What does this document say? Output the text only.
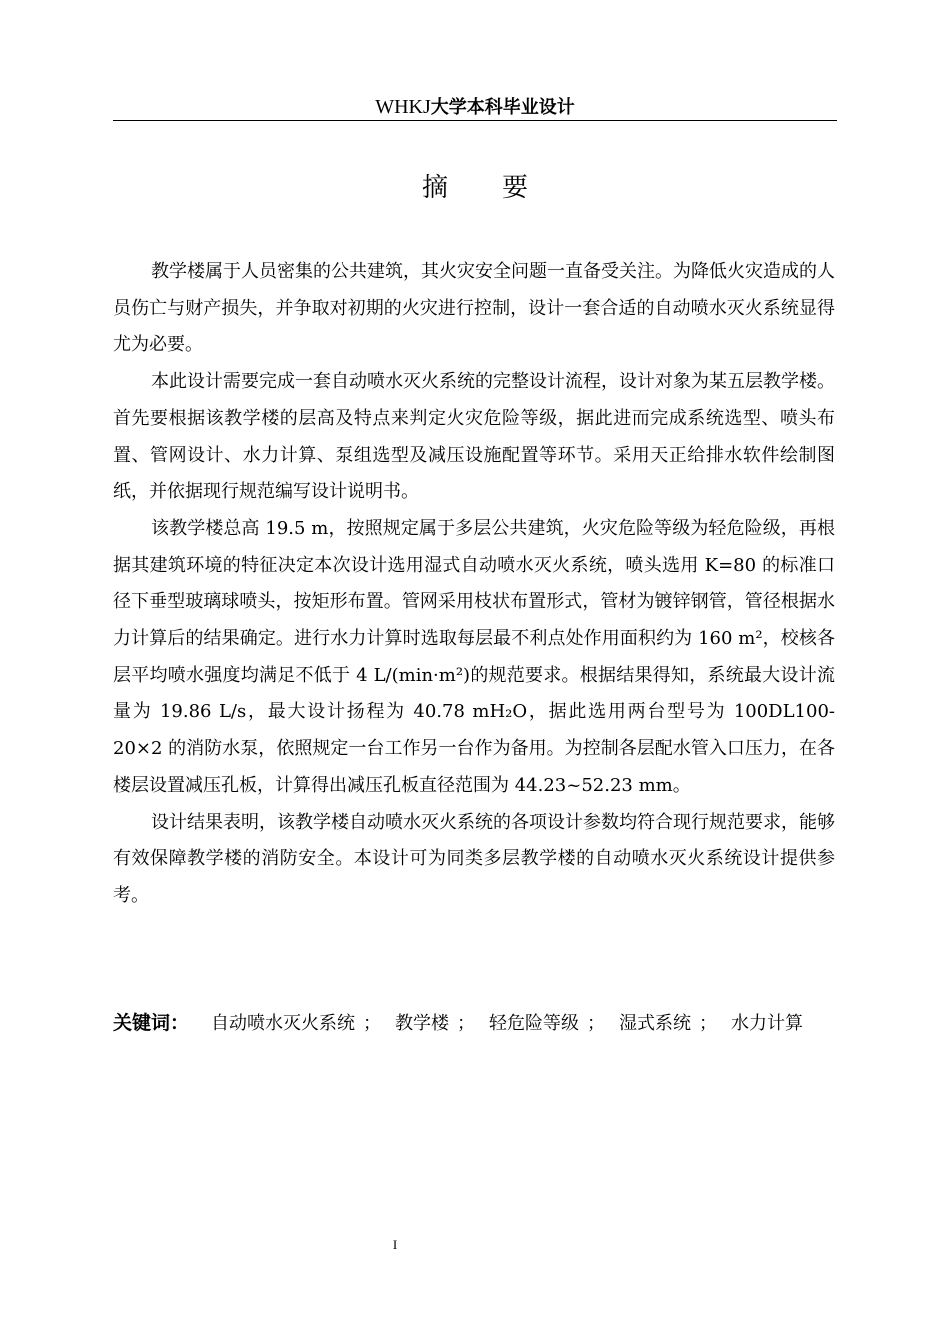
WHKJ大学本科毕业设计
摘要

教学楼属于人员密集的公共建筑，其火灾安全问题一直备受关注。为降低火灾造成的人员伤亡与财产损失，并争取对初期的火灾进行控制，设计一套合适的自动喷水灭火系统显得尤为必要。

本此设计需要完成一套自动喷水灭火系统的完整设计流程，设计对象为某五层教学楼。首先要根据该教学楼的层高及特点来判定火灾危险等级，据此进而完成系统选型、喷头布置、管网设计、水力计算、泵组选型及减压设施配置等环节。采用天正给排水软件绘制图纸，并依据现行规范编写设计说明书。

该教学楼总高 19.5 m，按照规定属于多层公共建筑，火灾危险等级为轻危险级，再根据其建筑环境的特征决定本次设计选用湿式自动喷水灭火系统，喷头选用 K=80 的标准口径下垂型玻璃球喷头，按矩形布置。管网采用枝状布置形式，管材为镀锌钢管，管径根据水力计算后的结果确定。进行水力计算时选取每层最不利点处作用面积约为 160 m²，校核各层平均喷水强度均满足不低于 4 L/(min·m²)的规范要求。根据结果得知，系统最大设计流量为 19.86 L/s，最大设计扬程为 40.78 mH₂O，据此选用两台型号为 100DL100-20×2 的消防水泵，依照规定一台工作另一台作为备用。为控制各层配水管入口压力，在各楼层设置减压孔板，计算得出减压孔板直径范围为 44.23~52.23 mm。

设计结果表明，该教学楼自动喷水灭火系统的各项设计参数均符合现行规范要求，能够有效保障教学楼的消防安全。本设计可为同类多层教学楼的自动喷水灭火系统设计提供参考。

关键词： 自动喷水灭火系统 ； 教学楼 ； 轻危险等级 ； 湿式系统 ； 水力计算
I
